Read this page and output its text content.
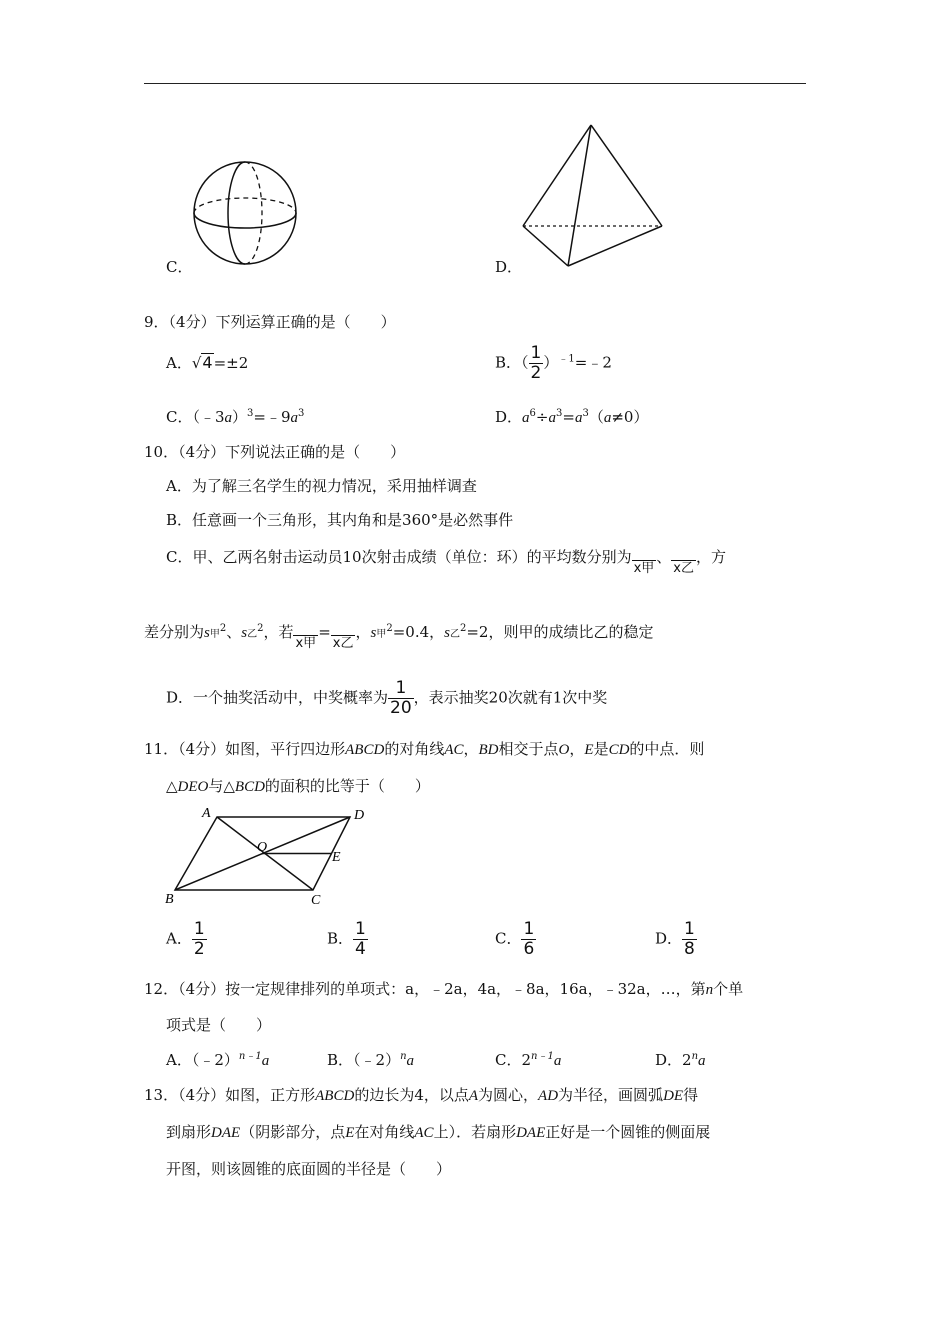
C．	D．
9．（4分）下列运算正确的是（　　）
A．√4=±2	B．（ $\frac{1}{2}$ ）$^{﹣1}$=﹣2
C．$(﹣3a)^3=﹣9a^3$	D．$a^6\div a^3=a^3(a\ne 0)$
10．（4分）下列说法正确的是（　　）
A．为了解三名学生的视力情况，采用抽样调查
B．任意画一个三角形，其内角和是360°是必然事件
C．甲、乙两名射击运动员10次射击成绩（单位：环）的平均数分别为x甲、x乙，方
差分别为s甲$^2$、s乙$^2$，若x甲=x乙，s甲$^2$=0.4，s乙$^2$=2，则甲的成绩比乙的稳定
D．一个抽奖活动中，中奖概率为 $\frac{1}{20}$ ，表示抽奖20次就有1次中奖
11．（4分）如图，平行四边形ABCD的对角线AC，BD相交于点O，E是CD的中点．则
△DEO与△BCD的面积的比等于（　　）
A	D
O
E
B	C
A． $\frac{1}{2}$	B． $\frac{1}{4}$	C． $\frac{1}{6}$	D． $\frac{1}{8}$
12．（4分）按一定规律排列的单项式：a，﹣2a，4a，﹣8a，16a，﹣32a，…，第n个单
项式是（　　）
A．（﹣2）$^{n﹣1}$a	B．（﹣2）$^n$a	C．$2^{n﹣1}a$	D．2$^n$a
13．（4分）如图，正方形ABCD的边长为4，以点A为圆心，AD为半径，画圆弧DE得
到扇形DAE（阴影部分，点E在对角线AC上）．若扇形DAE正好是一个圆锥的侧面展
开图，则该圆锥的底面圆的半径是（　　）
